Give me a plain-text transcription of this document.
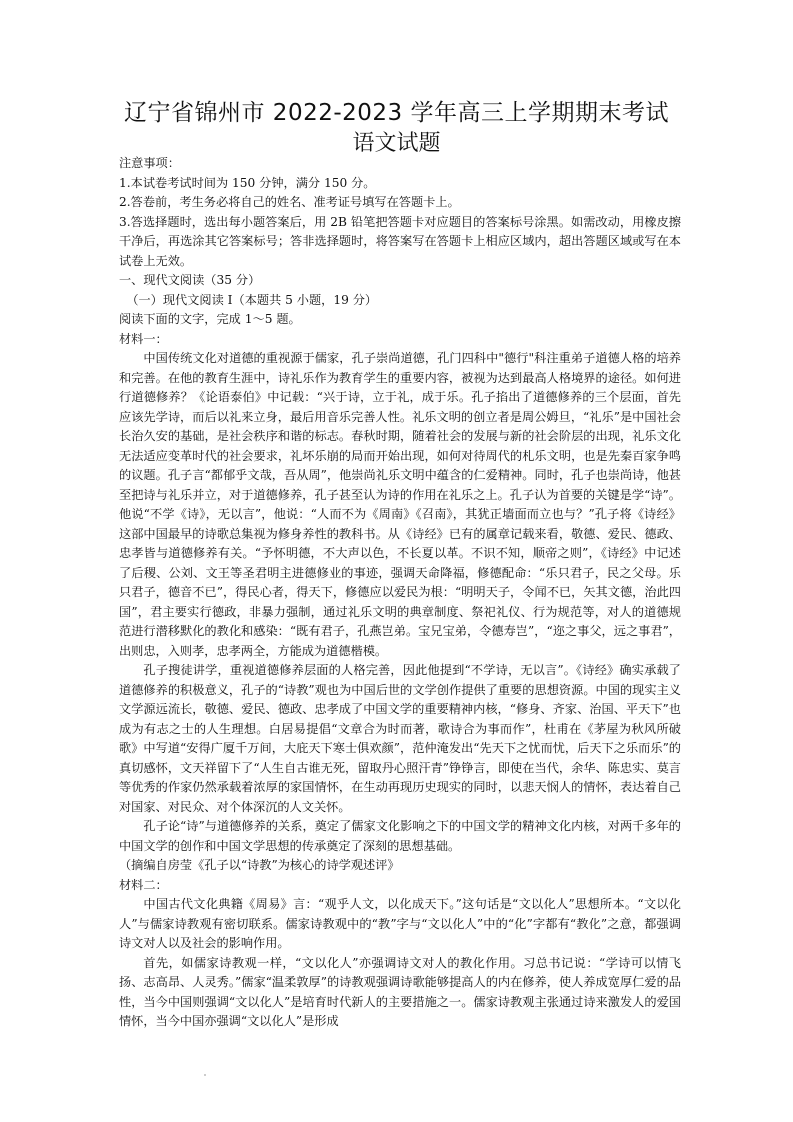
辽宁省锦州市 2022-2023 学年高三上学期期末考试
语文试题

注意事项：

1.本试卷考试时间为 150 分钟，满分 150 分。

2.答卷前，考生务必将自己的姓名、准考证号填写在答题卡上。

3.答选择题时，选出每小题答案后，用 2B 铅笔把答题卡对应题目的答案标号涂黑。如需改动，用橡皮擦干净后，再选涂其它答案标号；答非选择题时，将答案写在答题卡上相应区域内，超出答题区域或写在本试卷上无效。

一、现代文阅读（35 分）

（一）现代文阅读 I（本题共 5 小题，19 分）

阅读下面的文字，完成 1～5 题。

材料一：

中国传统文化对道德的重视源于儒家，孔子崇尚道德，孔门四科中"德行"科注重弟子道德人格的培养和完善。在他的教育生涯中，诗礼乐作为教育学生的重要内容，被视为达到最高人格境界的途径。如何进行道德修养？《论语泰伯》中记载：“兴于诗，立于礼，成于乐。孔子掐出了道德修养的三个层面，首先应该先学诗，而后以礼来立身，最后用音乐完善人性。礼乐文明的创立者是周公姆旦，“礼乐”是中国社会长治久安的基础，是社会秩序和谐的标志。春秋时期，随着社会的发展与新的社会阶层的出现，礼乐文化无法适应变革时代的社会要求，礼坏乐崩的局而开始出现，如何对待周代的札乐文明，也是先秦百家争鸣的议题。孔子言“都郁乎文哉，吾从周”，他崇尚礼乐文明中蕴含的仁爱精神。同时，孔子也崇尚诗，他甚至把诗与礼乐并立，对于道德修养，孔子甚至认为诗的作用在礼乐之上。孔子认为首要的关键是学“诗”。他说“不学《诗》，无以言”，他说：“人而不为《周南》《召南》，其犹正墙面而立也与？”孔子将《诗经》这部中国最早的诗歌总集视为修身养性的教科书。从《诗经》已有的属章记载来看，敬德、爱民、德政、忠孝皆与道德修养有关。“予怀明德，不大声以色，不长夏以革。不识不知，顺帝之则”，《诗经》中记述了后稷、公刘、文王等圣君明主进德修业的事迹，强调天命降福，修德配命：“乐只君子，民之父母。乐只君子，德音不已”，得民心者，得天下，修德应以爱民为根：“明明天子，令闻不已，矢其文德，治此四国”，君主要实行德政，非暴力强制，通过礼乐文明的典章制度、祭祀礼仪、行为规范等，对人的道德规范进行潜移默化的教化和感染：“既有君子，孔燕岂弟。宝兄宝弟，令德寿岂”，“迩之事父，远之事君”，出则忠，入则孝，忠孝两全，方能成为道德楷模。

孔子搜徒讲学，重视道德修养层面的人格完善，因此他提到“不学诗，无以言”。《诗经》确实承载了道德修养的积极意义，孔子的“诗教”观也为中国后世的文学创作提供了重要的思想资源。中国的现实主义文学源远流长，敬德、爱民、德政、忠孝成了中国文学的重要精神内核，“修身、齐家、治国、平天下”也成为有志之士的人生理想。白居易提倡“文章合为时而著，歌诗合为事而作”，杜甫在《茅屋为秋风所破歌》中写道“安得广厦千万间，大庇天下寒士俱欢颜”，范仲淹发出“先天下之忧而忧，后天下之乐而乐”的真切感怀，文天祥留下了“人生自古谁无死，留取丹心照汗青”铮铮言，即使在当代，余华、陈忠实、莫言等优秀的作家仍然承载着浓厚的家国情怀，在生动再现历史现实的同时，以悲天悯人的情怀，表达着自己对国家、对民众、对个体深沉的人文关怀。

孔子论“诗”与道德修养的关系，奠定了儒家文化影响之下的中国文学的精神文化内核，对两千多年的中国文学的创作和中国文学思想的传承奠定了深刻的思想基础。

（摘编自房莹《孔子以“诗教”为核心的诗学观述评》

材料二：

中国古代文化典籍《周易》言：“观乎人文，以化成天下。”这句话是“文以化人”思想所本。“文以化人”与儒家诗教观有密切联系。儒家诗教观中的“教”字与“文以化人”中的“化”字都有“教化”之意，都强调诗文对人以及社会的影响作用。

首先，如儒家诗教观一样，“文以化人”亦强调诗文对人的教化作用。习总书记说：“学诗可以情飞扬、志高昂、人灵秀。”儒家“温柔敦厚”的诗教观强调诗歌能够提高人的内在修养，使人养成宽厚仁爱的品性，当今中国则强调“文以化人”是培育时代新人的主要措施之一。儒家诗教观主张通过诗来激发人的爱国情怀，当今中国亦强调“文以化人”是形成
